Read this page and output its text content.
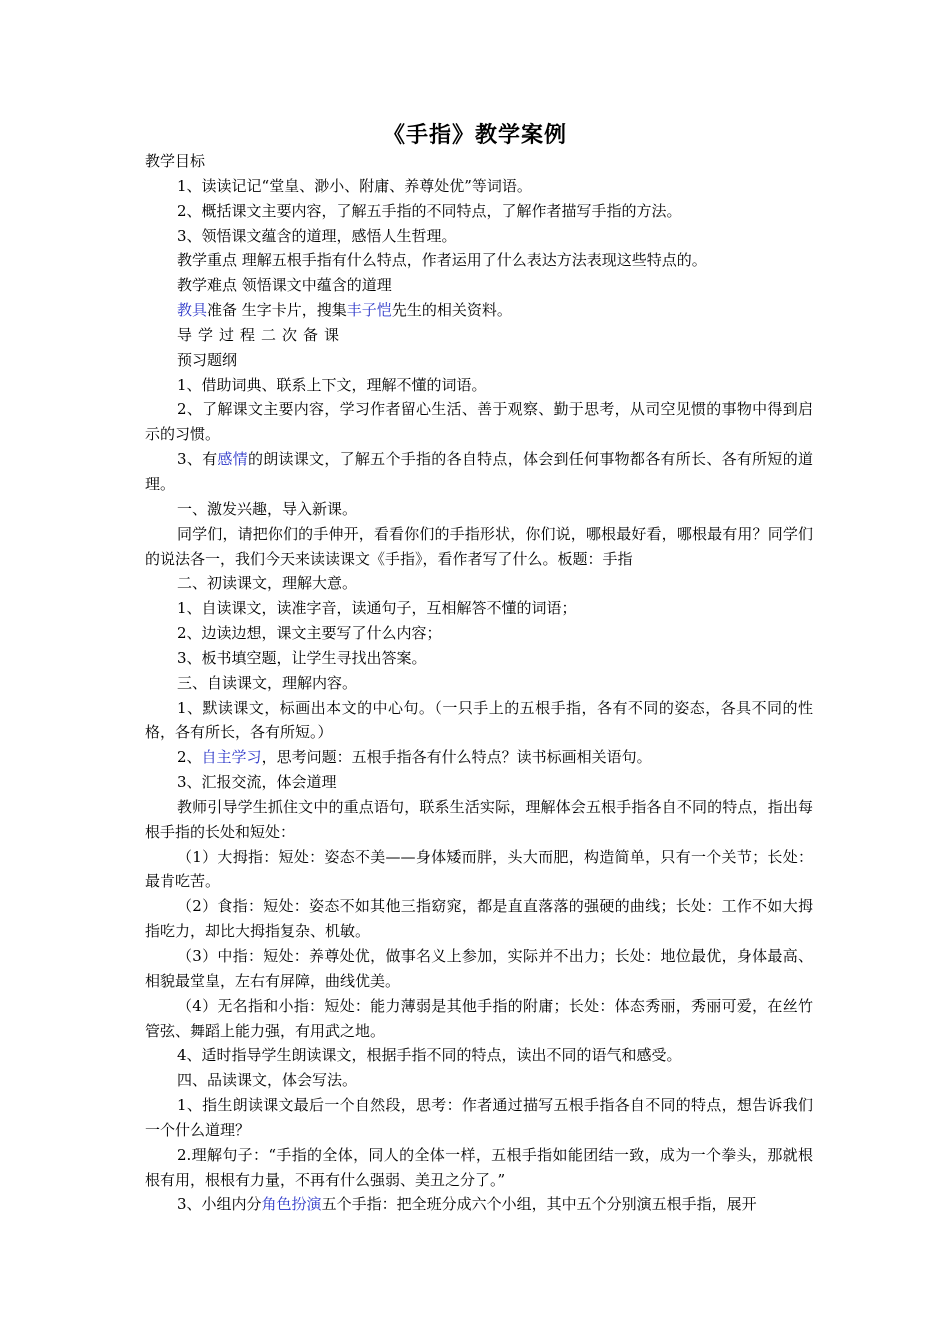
《手指》教学案例

教学目标

1、读读记记“堂皇、渺小、附庸、养尊处优”等词语。

2、概括课文主要内容，了解五手指的不同特点，了解作者描写手指的方法。

3、领悟课文蕴含的道理，感悟人生哲理。

教学重点 理解五根手指有什么特点，作者运用了什么表达方法表现这些特点的。

教学难点 领悟课文中蕴含的道理

教具准备 生字卡片，搜集丰子恺先生的相关资料。

导学过程二次备课

预习题纲

1、借助词典、联系上下文，理解不懂的词语。

2、了解课文主要内容，学习作者留心生活、善于观察、勤于思考，从司空见惯的事物中得到启示的习惯。

3、有感情的朗读课文，了解五个手指的各自特点，体会到任何事物都各有所长、各有所短的道理。

一、激发兴趣，导入新课。

同学们，请把你们的手伸开，看看你们的手指形状，你们说，哪根最好看，哪根最有用？同学们的说法各一，我们今天来读读课文《手指》，看作者写了什么。板题：手指

二、初读课文，理解大意。

1、自读课文，读准字音，读通句子，互相解答不懂的词语；

2、边读边想，课文主要写了什么内容；

3、板书填空题，让学生寻找出答案。

三、自读课文，理解内容。

1、默读课文，标画出本文的中心句。（一只手上的五根手指，各有不同的姿态，各具不同的性格，各有所长，各有所短。）

2、自主学习，思考问题：五根手指各有什么特点？读书标画相关语句。

3、汇报交流，体会道理

教师引导学生抓住文中的重点语句，联系生活实际，理解体会五根手指各自不同的特点，指出每根手指的长处和短处：

（1）大拇指：短处：姿态不美——身体矮而胖，头大而肥，构造简单，只有一个关节；长处：最肯吃苦。

（2）食指：短处：姿态不如其他三指窈窕，都是直直落落的强硬的曲线；长处：工作不如大拇指吃力，却比大拇指复杂、机敏。

（3）中指：短处：养尊处优，做事名义上参加，实际并不出力；长处：地位最优，身体最高、相貌最堂皇，左右有屏障，曲线优美。

（4）无名指和小指：短处：能力薄弱是其他手指的附庸；长处：体态秀丽，秀丽可爱，在丝竹管弦、舞蹈上能力强，有用武之地。

4、适时指导学生朗读课文，根据手指不同的特点，读出不同的语气和感受。

四、品读课文，体会写法。

1、指生朗读课文最后一个自然段，思考：作者通过描写五根手指各自不同的特点，想告诉我们一个什么道理？

2.理解句子：“手指的全体，同人的全体一样，五根手指如能团结一致，成为一个拳头，那就根根有用，根根有力量，不再有什么强弱、美丑之分了。”

3、小组内分角色扮演五个手指：把全班分成六个小组，其中五个分别演五根手指，展开
